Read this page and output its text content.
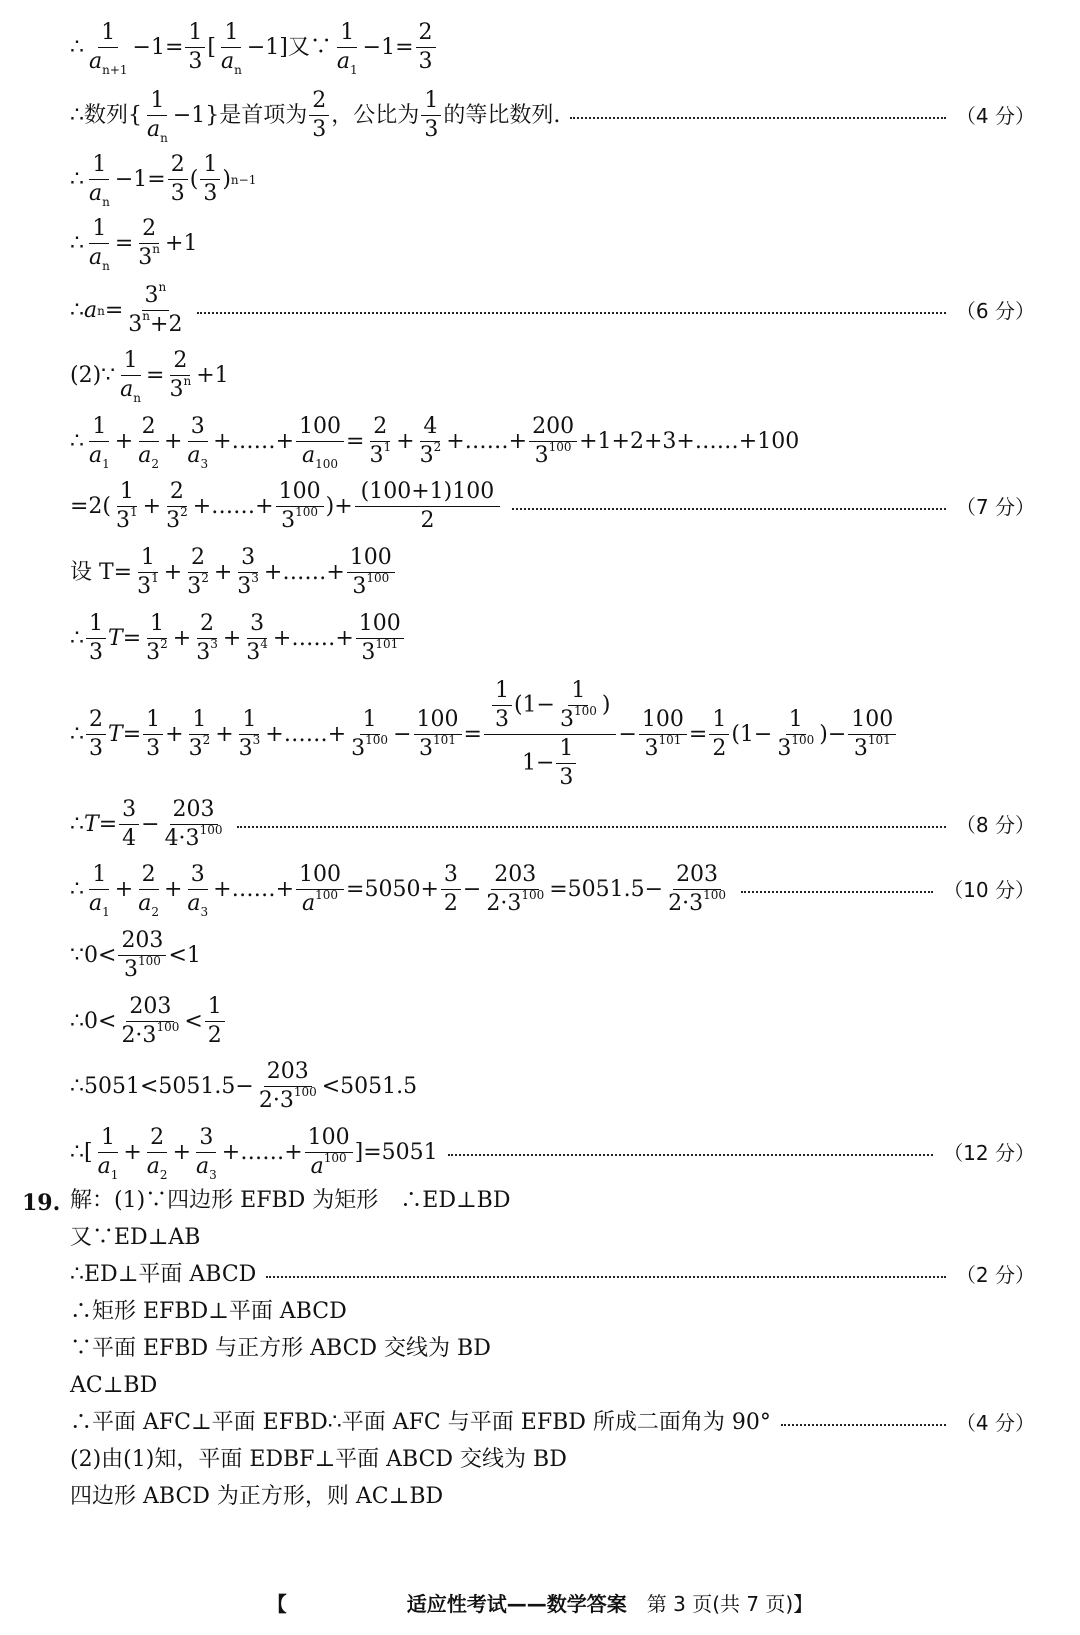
∴
1
$a_{n+1}$
−1=
1
3
[
1
$a_n$
−1] 又∵
1
$a_1$
−1=
2
3
∴ 数列{
1
$a_n$
−1 }是首项为
2
3
，公比为
1
3
的等比数列.	（4 分）
∴
1
$a_n$
−1=
2
3
(
1
3
) n−1
∴
1
$a_n$
=
2
$3^n +1$
∴ a n =
$3^n$
$3^n+2$
（6 分）
(2)∵
1
$a_n$
=
2
$3^n +1$
∴
1
$a_1$
+
2
$a_2$
+
3
$a_3$
+……+
100
$a_{100}$
=
2
$3^1$ +
4
$3^2$ +……+
200
$3^{100}$ +1+2+3+……+100
=2(
1
$3^1$ +
2
$3^2$ +……+
100
$3^{100}$ )+
(100+1)100
2
（7 分）
设 $T= \frac{1}{3^1}$ +
2
$3^2$ +
3
$3^3$ +……+
100
$3^{100}$
∴
1
3
T =
1
$3^2$ +
2
$3^3$ +
3
$3^4$ +……+
100
$3^{101}$
∴
2
3
T =
1
3
+
1
$3^2$ +
1
$3^3$ +……+
1
$3^{100}$ −
100
$3^{101}$ =
$\frac{1}{3} (1- \frac{1}{3^{100}}$ )
$1- \frac{1}{3}$
−
100
$3^{101}$ =
1
2
(1−
1
$3^{100}$ )−
100
$3^{101}$
∴ T =
3
4
−
203
$4\cdot 3^{100}$	（8 分）
∴
1
$a_1$
+
2
$a_2$
+
3
$a_3$
+……+
100
$a^{100} =5050+$
3
2
−
203
$2\cdot 3^{100} =5051.5-$
203
$2\cdot 3^{100}$	（10 分）
∵ 0<
203
$3^{100} <1$
∴ 0<
203
$2\cdot 3^{100}$ <
1
2
∴ 5051<5051.5−
203
$2\cdot 3^{100} <5051.5$
∴ [
1
$a_1$
+
2
$a_2$
+
3
$a_3$
+……+
100
$a^{100}$ ]=5051	（12 分）
19. 解：(1)∵四边形 EFBD 为矩形　∴ED⊥BD
又∵ED⊥AB
∴ED⊥平面 ABCD	（2 分）
∴矩形 EFBD⊥平面 ABCD
∵平面 EFBD 与正方形 ABCD 交线为 BD
AC⊥BD
∴平面 AFC⊥平面 EFBD∴平面 AFC 与平面 EFBD 所成二面角为 90°	（4 分）
(2)由(1)知，平面 EDBF⊥平面 ABCD 交线为 BD
四边形 ABCD 为正方形，则 AC⊥BD
【	适应性考试——数学答案 第 3 页(共 7 页)】
